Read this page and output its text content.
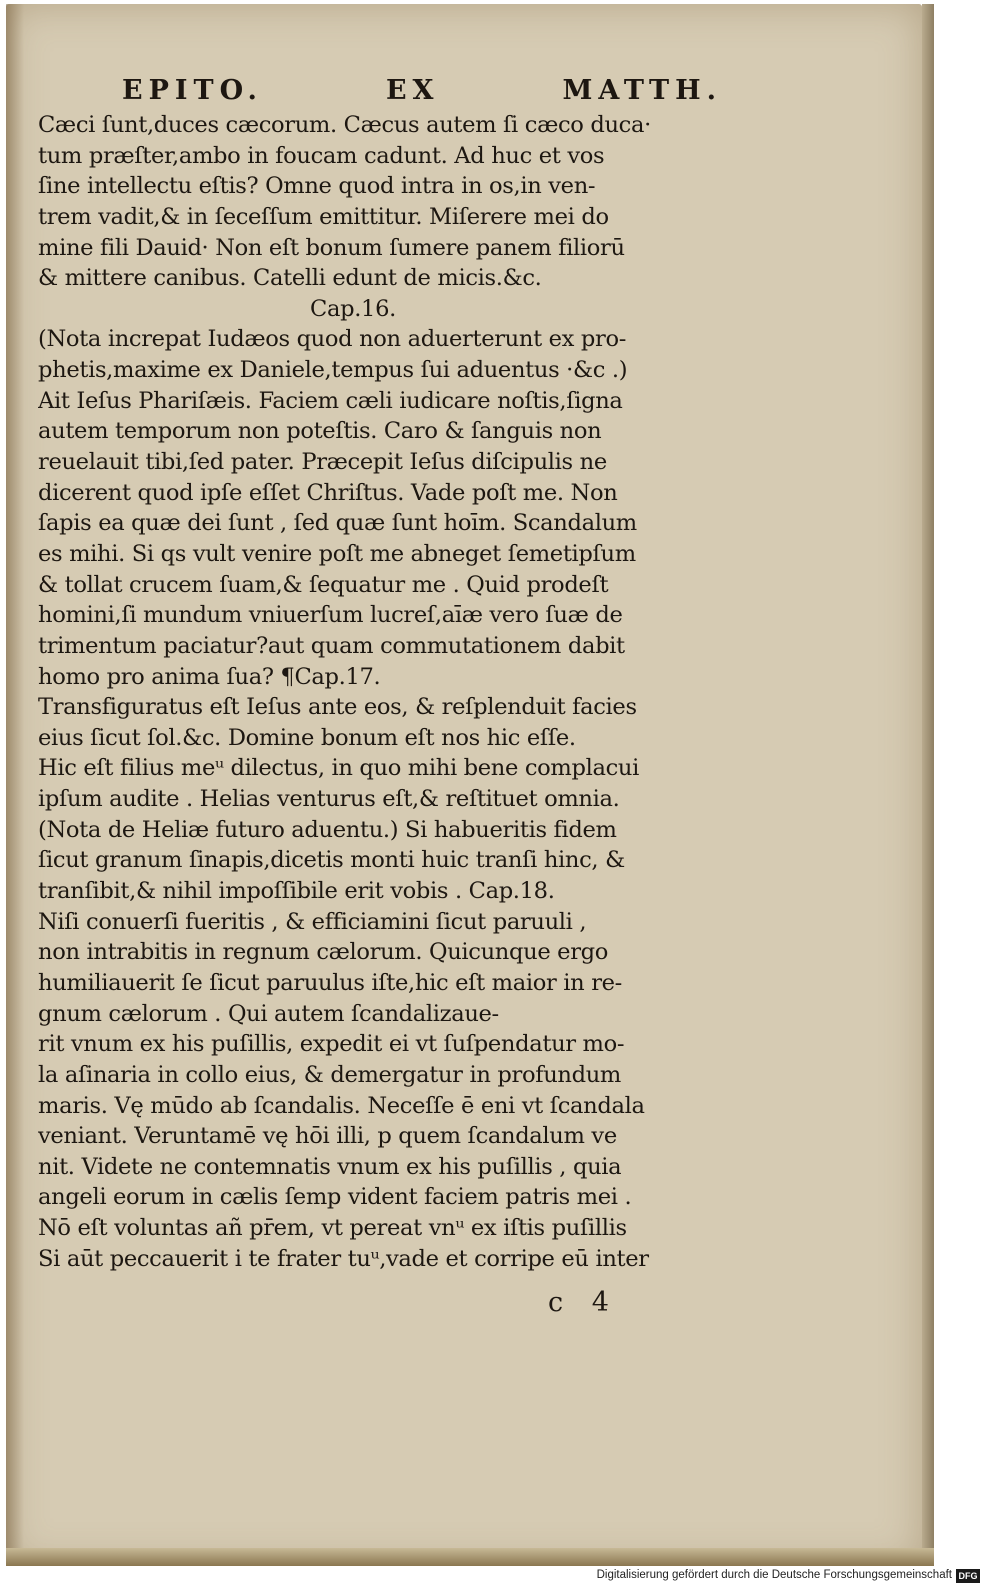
EPITO.	EX	MATTH.
Cæci ſunt,duces cæcorum. Cæcus autem ſi cæco duca·
tum præſter,ambo in foucam cadunt. Ad huc et vos
ſine intellectu eſtis? Omne quod intra in os,in ven-
trem vadit,& in ſeceſſum emittitur. Miſerere mei do
mine fili Dauid· Non eſt bonum ſumere panem filiorū
& mittere canibus. Catelli edunt de micis.&c.
Cap.16.
(Nota increpat Iudæos quod non aduerterunt ex pro-
phetis,maxime ex Daniele,tempus ſui aduentus ·&c .)
Ait Ieſus Phariſæis. Faciem cæli iudicare noſtis,ſigna
autem temporum non poteſtis. Caro & ſanguis non
reuelauit tibi,ſed pater. Præcepit Ieſus diſcipulis ne
dicerent quod ipſe eſſet Chriſtus. Vade poſt me. Non
ſapis ea quæ dei ſunt , ſed quæ ſunt hoīm. Scandalum
es mihi. Si qs vult venire poſt me abneget ſemetipſum
& tollat crucem ſuam,& ſequatur me . Quid prodeſt
homini,ſi mundum vniuerſum lucreſ,aīæ vero ſuæ de
trimentum paciatur?aut quam commutationem dabit
homo pro anima ſua? ¶Cap.17.
Transfiguratus eſt Ieſus ante eos, & reſplenduit facies
eius ſicut ſol.&c. Domine bonum eſt nos hic eſſe.
Hic eſt filius meᵘ dilectus, in quo mihi bene complacui
ipſum audite . Helias venturus eſt,& reſtituet omnia.
(Nota de Heliæ futuro aduentu.) Si habueritis fidem
ſicut granum ſinapis,dicetis monti huic tranſi hinc, &
tranſibit,& nihil impoſſibile erit vobis . Cap.18.
Niſi conuerſi fueritis , & efficiamini ſicut paruuli ,
non intrabitis in regnum cælorum. Quicunque ergo
humiliauerit ſe ſicut paruulus iſte,hic eſt maior in re-
gnum cælorum . Qui autem ſcandalizaue-
rit vnum ex his puſillis, expedit ei vt ſuſpendatur mo-
la aſinaria in collo eius, & demergatur in profundum
maris. Vę mūdo ab ſcandalis. Neceſſe ē eni vt ſcandala
veniant. Veruntamē vę hōi illi, p quem ſcandalum ve
nit. Videte ne contemnatis vnum ex his puſillis , quia
angeli eorum in cælis ſemp vident faciem patris mei .
Nō eſt voluntas añ pr̄em, vt pereat vnᵘ ex iſtis puſillis
Si aūt peccauerit i te frater tuᵘ,vade et corripe eū inter
c 4
Digitalisierung gefördert durch die Deutsche Forschungsgemeinschaft DFG
